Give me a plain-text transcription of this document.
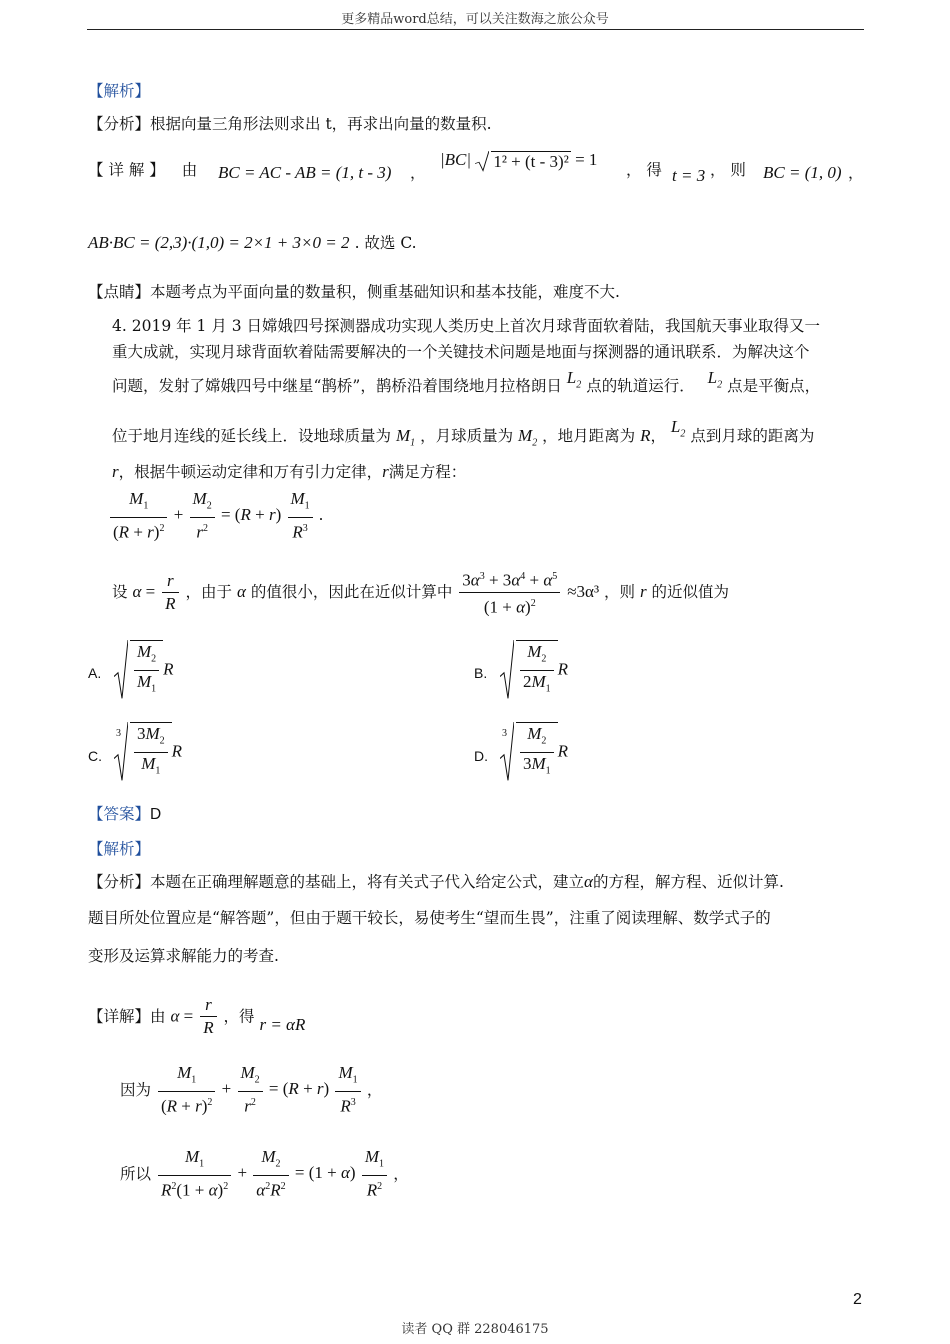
更多精品word总结，可以关注数海之旅公众号
【解析】
【分析】根据向量三角形法则求出 t，再求出向量的数量积.
【 详 解 】 由 BC = AC - AB = (1, t - 3) ，
|BC| 1² + (t - 3)² = 1
， 得 t = 3 ， 则 BC = (1, 0) ，
AB·BC = (2,3)·(1,0) = 2×1 + 3×0 = 2 . 故选 C.
【点睛】本题考点为平面向量的数量积，侧重基础知识和基本技能，难度不大.
4. 2019 年 1 月 3 日嫦娥四号探测器成功实现人类历史上首次月球背面软着陆，我国航天事业取得又一
重大成就，实现月球背面软着陆需要解决的一个关键技术问题是地面与探测器的通讯联系．为解决这个
问题，发射了嫦娥四号中继星“鹊桥”，鹊桥沿着围绕地月拉格朗日 $L_2$ 点的轨道运行． $L_2$ 点是平衡点，
位于地月连线的延长线上．设地球质量为 $M_1$ ，月球质量为 $M_2$ ，地月距离为 R， $L_2$ 点到月球的距离为
r，根据牛顿运动定律和万有引力定律，r满足方程：
$\frac{M_1}{(R + r)^2} + \frac{M_2}{r^2} = (R + r) \frac{M_1}{R^3}$ .
设 $\alpha = \frac{r}{R}$ ，由于 α 的值很小，因此在近似计算中 $\frac{3\alpha^3 + 3\alpha^4 + \alpha^5}{(1 + \alpha)^2} \approx 3\alpha^3$ ，则 r 的近似值为
A. $\frac{M_2}{M_1}$ R	B. $\frac{M_2}{2M_1}$ R
C.
$3 \frac{3M_2}{M_1}$ R	D.
$3 \frac{M_2}{3M_1}$ R
【答案】D
【解析】
【分析】本题在正确理解题意的基础上，将有关式子代入给定公式，建立α的方程，解方程、近似计算.
题目所处位置应是“解答题”，但由于题干较长，易使考生“望而生畏”，注重了阅读理解、数学式子的
变形及运算求解能力的考查.
【详解】由 $\alpha = \frac{r}{R}$ ，得 r = αR
因为 $\frac{M_1}{(R + r)^2} + \frac{M_2}{r^2} = (R + r) \frac{M_1}{R^3}$ ，
所以 $\frac{M_1}{R^2(1 + \alpha)^2} + \frac{M_2}{\alpha^2R^2} = (1 + \alpha) \frac{M_1}{R^2}$ ，
2
读者 QQ 群 228046175
